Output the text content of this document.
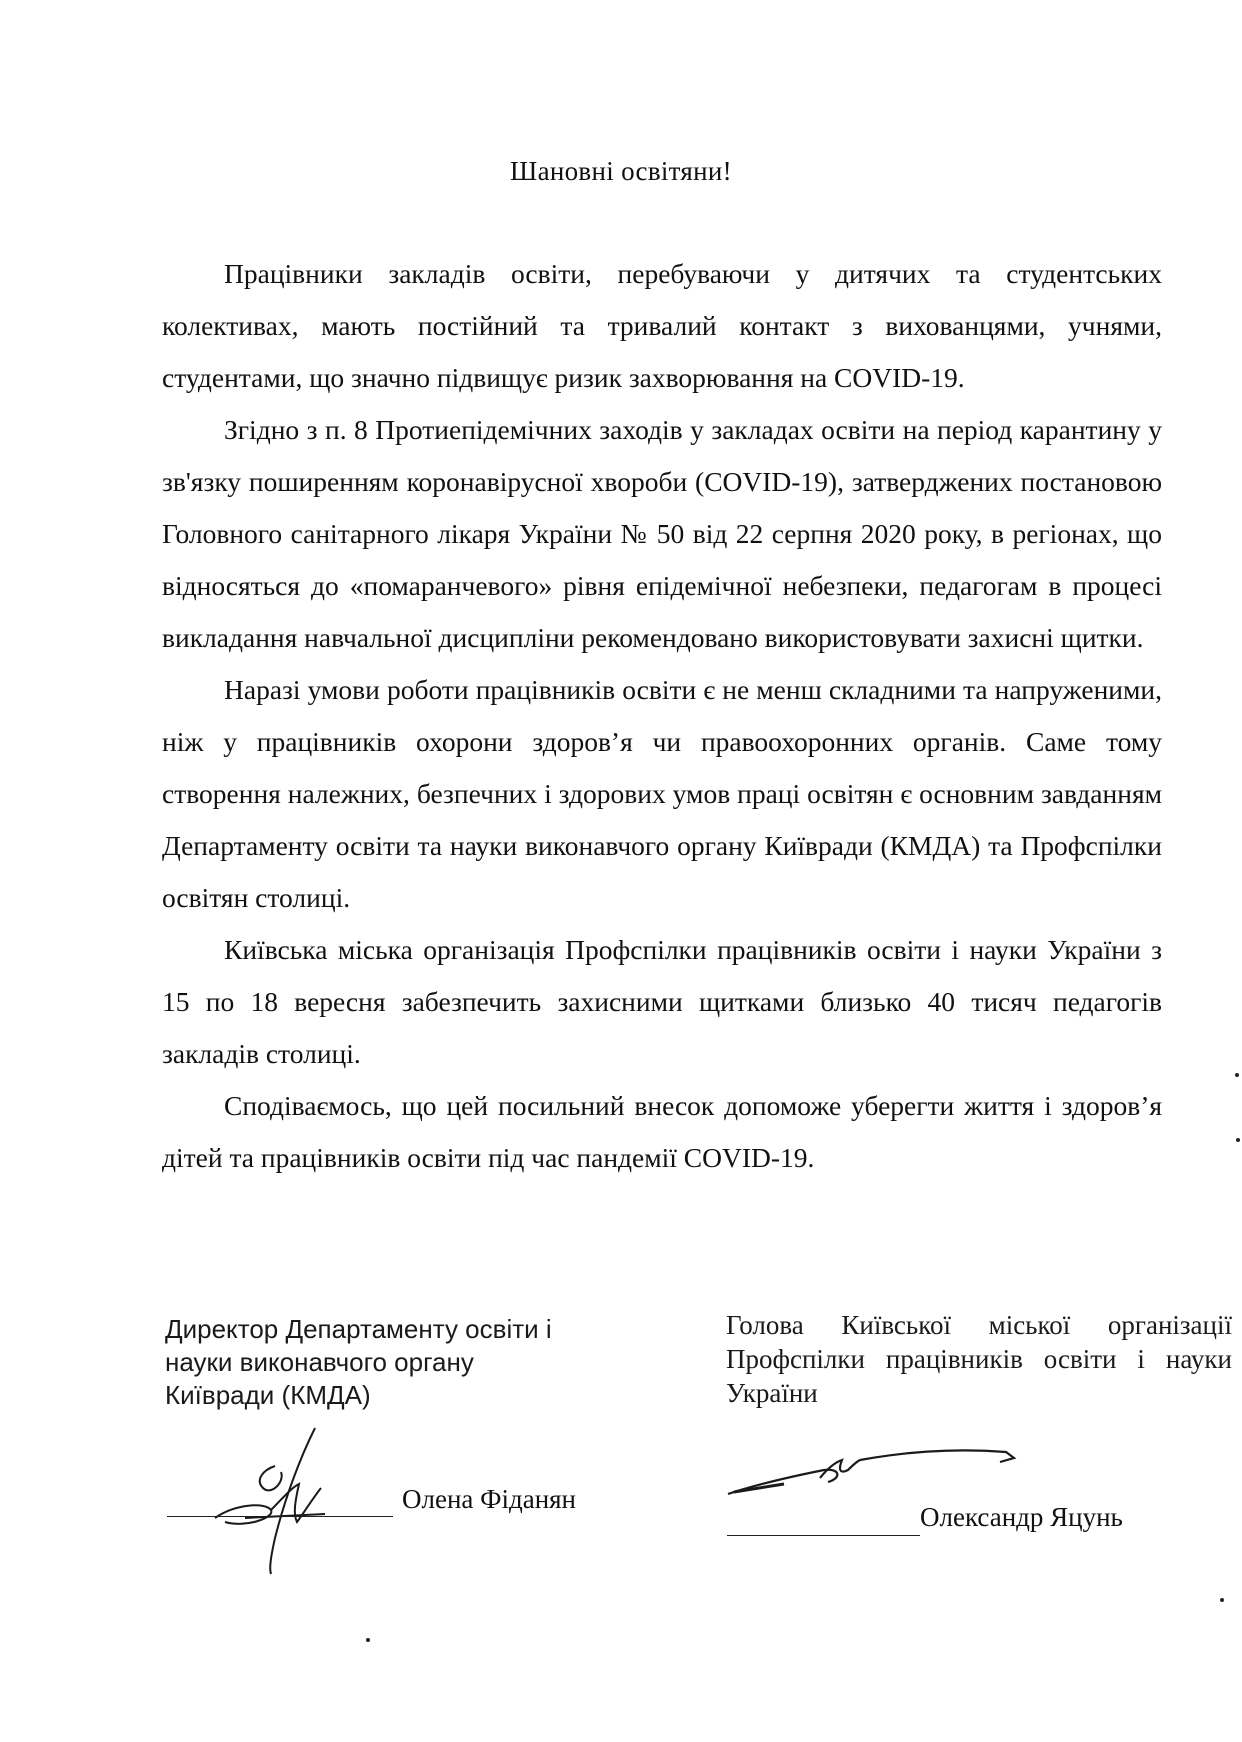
Шановні освітяни!

Працівники закладів освіти, перебуваючи у дитячих та студентських колективах, мають постійний та тривалий контакт з вихованцями, учнями, студентами, що значно підвищує ризик захворювання на COVID-19.

Згідно з п. 8 Протиепідемічних заходів у закладах освіти на період карантину у зв'язку поширенням коронавірусної хвороби (COVID-19), затверджених постановою Головного санітарного лікаря України № 50 від 22 серпня 2020 року, в регіонах, що відносяться до «помаранчевого» рівня епідемічної небезпеки, педагогам в процесі викладання навчальної дисципліни рекомендовано використовувати захисні щитки.

Наразі умови роботи працівників освіти є не менш складними та напруженими, ніж у працівників охорони здоров’я чи правоохоронних органів. Саме тому створення належних, безпечних і здорових умов праці освітян є основним завданням Департаменту освіти та науки виконавчого органу Київради (КМДА) та Профспілки освітян столиці.

Київська міська організація Профспілки працівників освіти і науки України з 15 по 18 вересня забезпечить захисними щитками близько 40 тисяч педагогів закладів столиці.

Сподіваємось, що цей посильний внесок допоможе уберегти життя і здоров’я дітей та працівників освіти під час пандемії COVID-19.

Директор Департаменту освіти і
науки виконавчого органу
Київради (КМДА)
Олена Фіданян
Голова Київської міської організації Профспілки працівників освіти і науки України
Олександр Яцунь
